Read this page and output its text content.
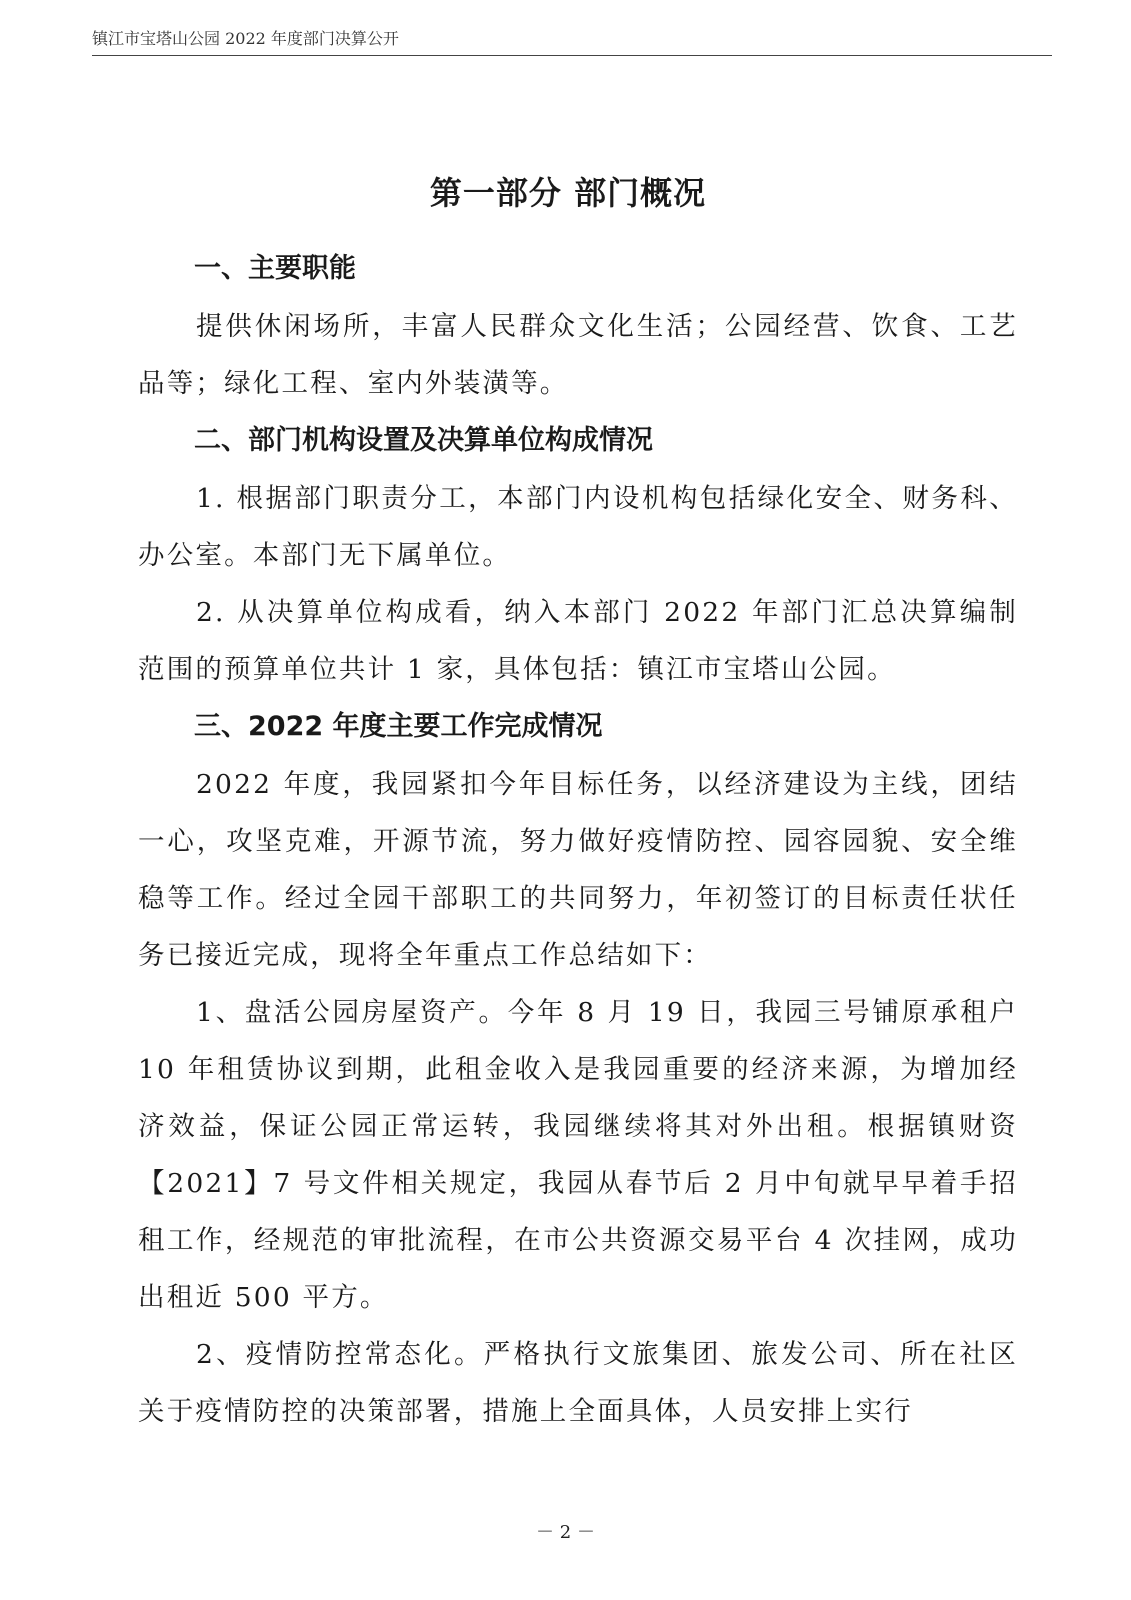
镇江市宝塔山公园 2022 年度部门决算公开
第一部分 部门概况
一、主要职能

提供休闲场所，丰富人民群众文化生活；公园经营、饮食、工艺品等；绿化工程、室内外装潢等。

二、部门机构设置及决算单位构成情况

1. 根据部门职责分工，本部门内设机构包括绿化安全、财务科、办公室。本部门无下属单位。

2. 从决算单位构成看，纳入本部门 2022 年部门汇总决算编制范围的预算单位共计 1 家，具体包括：镇江市宝塔山公园。

三、2022 年度主要工作完成情况

2022 年度，我园紧扣今年目标任务，以经济建设为主线，团结一心，攻坚克难，开源节流，努力做好疫情防控、园容园貌、安全维稳等工作。经过全园干部职工的共同努力，年初签订的目标责任状任务已接近完成，现将全年重点工作总结如下：

1、盘活公园房屋资产。今年 8 月 19 日，我园三号铺原承租户 10 年租赁协议到期，此租金收入是我园重要的经济来源，为增加经济效益，保证公园正常运转，我园继续将其对外出租。根据镇财资【2021】7 号文件相关规定，我园从春节后 2 月中旬就早早着手招租工作，经规范的审批流程，在市公共资源交易平台 4 次挂网，成功出租近 500 平方。

2、疫情防控常态化。严格执行文旅集团、旅发公司、所在社区关于疫情防控的决策部署，措施上全面具体，人员安排上实行

－ 2 －
